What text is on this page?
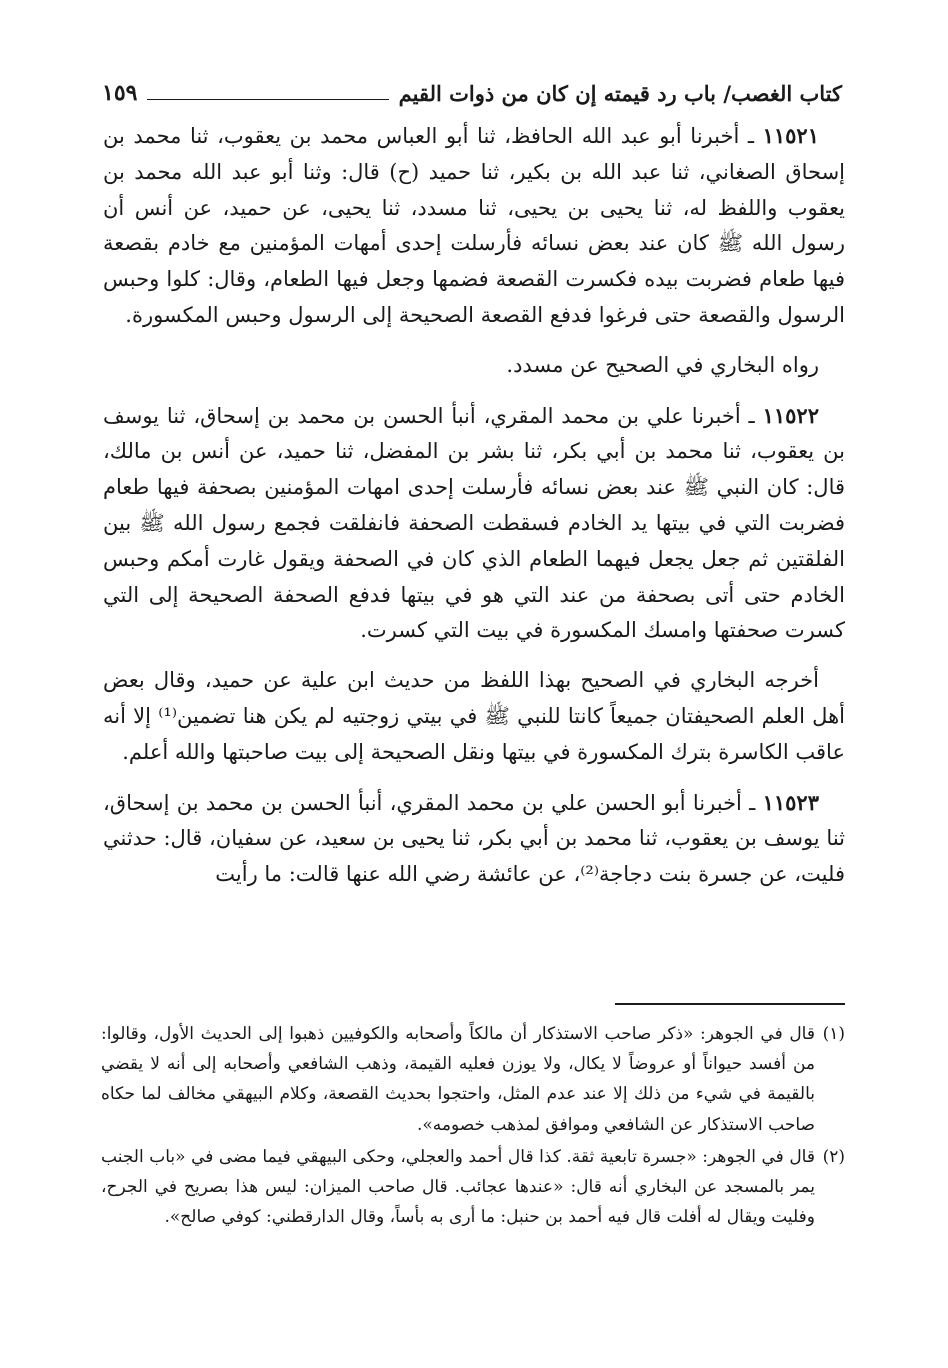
كتاب الغصب/ باب رد قيمته إن كان من ذوات القيم
١٥٩

١١٥٢١ ـ أخبرنا أبو عبد الله الحافظ، ثنا أبو العباس محمد بن يعقوب، ثنا محمد بن إسحاق الصغاني، ثنا عبد الله بن بكير، ثنا حميد (ح) قال: وثنا أبو عبد الله محمد بن يعقوب واللفظ له، ثنا يحيى بن يحيى، ثنا مسدد، ثنا يحيى، عن حميد، عن أنس أن رسول الله ﷺ كان عند بعض نسائه فأرسلت إحدى أمهات المؤمنين مع خادم بقصعة فيها طعام فضربت بيده فكسرت القصعة فضمها وجعل فيها الطعام، وقال: كلوا وحبس الرسول والقصعة حتى فرغوا فدفع القصعة الصحيحة إلى الرسول وحبس المكسورة.

رواه البخاري في الصحيح عن مسدد.

١١٥٢٢ ـ أخبرنا علي بن محمد المقري، أنبأ الحسن بن محمد بن إسحاق، ثنا يوسف بن يعقوب، ثنا محمد بن أبي بكر، ثنا بشر بن المفضل، ثنا حميد، عن أنس بن مالك، قال: كان النبي ﷺ عند بعض نسائه فأرسلت إحدى امهات المؤمنين بصحفة فيها طعام فضربت التي في بيتها يد الخادم فسقطت الصحفة فانفلقت فجمع رسول الله ﷺ بين الفلقتين ثم جعل يجعل فيهما الطعام الذي كان في الصحفة ويقول غارت أمكم وحبس الخادم حتى أتى بصحفة من عند التي هو في بيتها فدفع الصحفة الصحيحة إلى التي كسرت صحفتها وامسك المكسورة في بيت التي كسرت.

أخرجه البخاري في الصحيح بهذا اللفظ من حديث ابن علية عن حميد، وقال بعض أهل العلم الصحيفتان جميعاً كانتا للنبي ﷺ في بيتي زوجتيه لم يكن هنا تضمين⁽¹⁾ إلا أنه عاقب الكاسرة بترك المكسورة في بيتها ونقل الصحيحة إلى بيت صاحبتها والله أعلم.

١١٥٢٣ ـ أخبرنا أبو الحسن علي بن محمد المقري، أنبأ الحسن بن محمد بن إسحاق، ثنا يوسف بن يعقوب، ثنا محمد بن أبي بكر، ثنا يحيى بن سعيد، عن سفيان، قال: حدثني فليت، عن جسرة بنت دجاجة⁽²⁾، عن عائشة رضي الله عنها قالت: ما رأيت

(١)قال في الجوهر: «ذكر صاحب الاستذكار أن مالكاً وأصحابه والكوفيين ذهبوا إلى الحديث الأول، وقالوا: من أفسد حيواناً أو عروضاً لا يكال، ولا يوزن فعليه القيمة، وذهب الشافعي وأصحابه إلى أنه لا يقضي بالقيمة في شيء من ذلك إلا عند عدم المثل، واحتجوا بحديث القصعة، وكلام البيهقي مخالف لما حكاه صاحب الاستذكار عن الشافعي وموافق لمذهب خصومه».

(٢)قال في الجوهر: «جسرة تابعية ثقة. كذا قال أحمد والعجلي، وحكى البيهقي فيما مضى في «باب الجنب يمر بالمسجد عن البخاري أنه قال: «عندها عجائب. قال صاحب الميزان: ليس هذا بصريح في الجرح، وفليت ويقال له أفلت قال فيه أحمد بن حنبل: ما أرى به بأساً، وقال الدارقطني: كوفي صالح».
